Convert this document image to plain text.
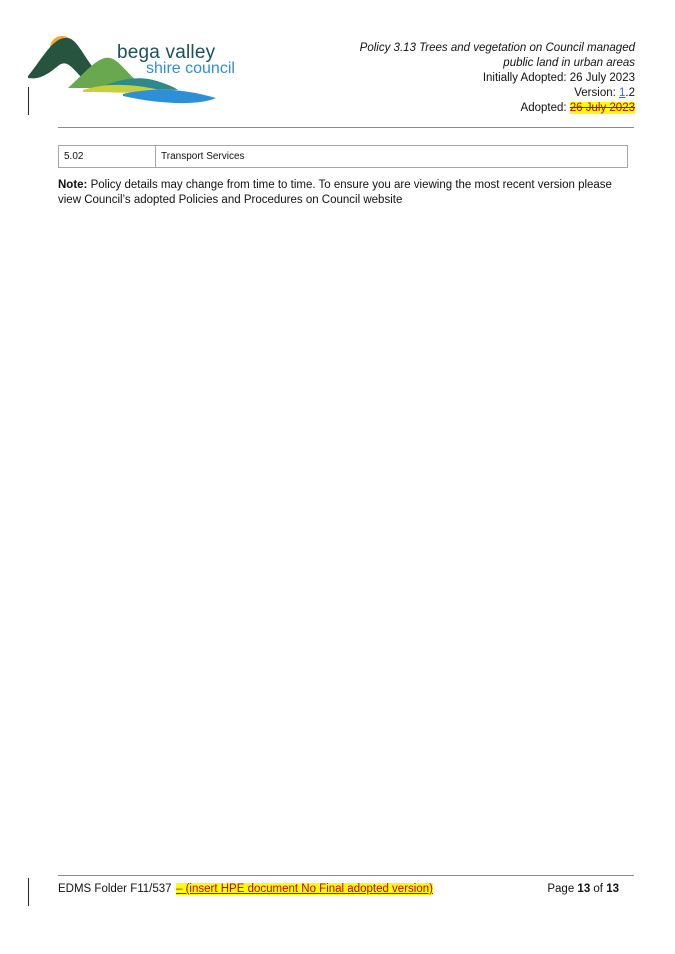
bega valley
shire council
Policy 3.13 Trees and vegetation on Council managed
public land in urban areas
Initially Adopted: 26 July 2023
Version: 1.2
Adopted: 26 July 2023
5.02	Transport Services
Note: Policy details may change from time to time. To ensure you are viewing the most recent version please view Council’s adopted Policies and Procedures on Council website
EDMS Folder F11/537 – (insert HPE document No Final adopted version)	Page 13 of 13
